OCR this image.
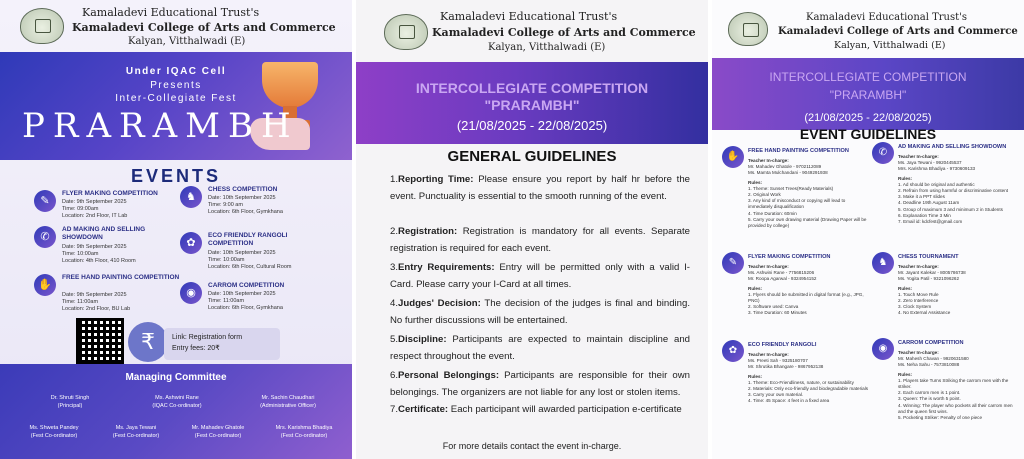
Kamaladevi Educational Trust's
Kamaladevi College of Arts and Commerce
Kalyan, Vitthalwadi (E)
Under IQAC Cell
Presents
Inter-Collegiate Fest
PRARAMBH
EVENTS
✎
FLYER MAKING COMPETITION
Date: 9th September 2025
Time: 09:00am
Location: 2nd Floor, IT Lab
♞
CHESS COMPETITION
Date: 10th September 2025
Time: 9:00 am
Location: 6th Floor, Gymkhana
✆
AD MAKING AND SELLING SHOWDOWN
Date: 9th September 2025
Time: 10:00am
Location: 4th Floor, 410 Room
✿
ECO FRIENDLY RANGOLI COMPETITION
Date: 10th September 2025
Time: 10:00am
Location: 6th Floor, Cultural Room
✋
FREE HAND PAINTING COMPETITION
Date: 9th September 2025
Time: 11:00am
Location: 2nd Floor, BU Lab
◉
CARROM COMPETITION
Date: 10th September 2025
Time: 11:00am
Location: 6th Floor, Gymkhana
₹	Link: Registration form
Entry fees: 20₹
Managing Committee
Dr. Shruti Singh
(Principal)
Ms. Ashwini Rane
(IQAC Co-ordinator)
Mr. Sachin Chaudhari
(Administrative Officer)
Ms. Shweta Pandey
(Fest Co-ordinator)
Ms. Jaya Tewani
(Fest Co-ordinator)
Mr. Mahadev Ghatole
(Fest Co-ordinator)
Mrs. Karishma Bhadiya
(Fest Co-ordinator)
Kamaladevi Educational Trust's
Kamaladevi College of Arts and Commerce
Kalyan, Vitthalwadi (E)
INTERCOLLEGIATE COMPETITION
"PRARAMBH"
(21/08/2025 - 22/08/2025)
GENERAL GUIDELINES
1.Reporting Time: Please ensure you report by half hr before the event. Punctuality is essential to the smooth running of the event.
2.Registration: Registration is mandatory for all events. Separate registration is required for each event.
3.Entry Requirements: Entry will be permitted only with a valid I-Card. Please carry your I-Card at all times.
4.Judges' Decision: The decision of the judges is final and binding. No further discussions will be entertained.
5.Discipline: Participants are expected to maintain discipline and respect throughout the event.
6.Personal Belongings: Participants are responsible for their own belongings. The organizers are not liable for any lost or stolen items.
7.Certificate: Each participant will awarded participation e-certificate
For more details contact the event in-charge.
Kamaladevi Educational Trust's
Kamaladevi College of Arts and Commerce
Kalyan, Vitthalwadi (E)
INTERCOLLEGIATE COMPETITION
"PRARAMBH"
(21/08/2025 - 22/08/2025)
EVENT GUIDELINES
✋	FREE HAND PAINTING COMPETITION
Teacher In-charge:
Mr. Mahadev Ghatole - 9702112089
Ms. Mamta Mulchandani - 9049291938
Rules:
1. Theme: Sunset Trees(Ready Materials)
2. Original Work
3. Any kind of misconduct or copying will lead to immediately disqualification
4. Time Duration: 60min
5. Carry your own drawing material (Drawing Paper will be provided by college)
✆	AD MAKING AND SELLING SHOWDOWN
Teacher In-charge:
Ms. Jaya Tewani - 9920445537
Mrs. Karishma Bhadiya - 9730609133
Rules:
1. Ad should be original and authentic
2. Refrain from using harmful or discriminative content
3. Make it a PPT slides
4. Deadline 19th August 11am
5. Group of maximum 3 and minimum 2 in Students
6. Explanation Time 3 Min
7. Email id: kdcfest@gmail.com
✎	FLYER MAKING COMPETITION
Teacher In-charge:
Ms. Ashwini Rane - 7756815206
Mr. Roopa Agarwal - 9324954152
Rules:
1. Flyers should be submitted in digital format (e.g., JPG, PNG)
2. Software used: Canva
3. Time Duration: 60 Minutes
♞	CHESS TOURNAMENT
Teacher In-charge:
Mr. Jayant Kalekar - 8005786738
Ms. Yogita Patil - 9321096262
Rules:
1. Touch Move Rule
2. Zero Interference
3. Clock System
4. No External Assistance
✿	ECO FRIENDLY RANGOLI
Teacher In-charge:
Ms. Preeti Sah - 9325180707
Mr. Shrutika Bhangare - 9867952138
Rules:
1. Theme: Eco-Friendliness, nature, or sustainability
2. Materials: Only eco-friendly and biodegradable materials
3. Carry your own material.
4. Time: 45 Space: 4 feet in a fixed area
◉	CARROM COMPETITION
Teacher In-charge:
Mr. Mahesh Chavan - 9920631580
Ms. Neha Sahu - 7573810088
Rules:
1. Players take Turns Striking the carrom men with the striker.
2. Each carrom men is 1 point.
3. Queen: The is worth 5 point.
4. Winning: The player who pockets all their carrom men and the queen first wins.
5. Pocketing Striker: Penalty of one piece
